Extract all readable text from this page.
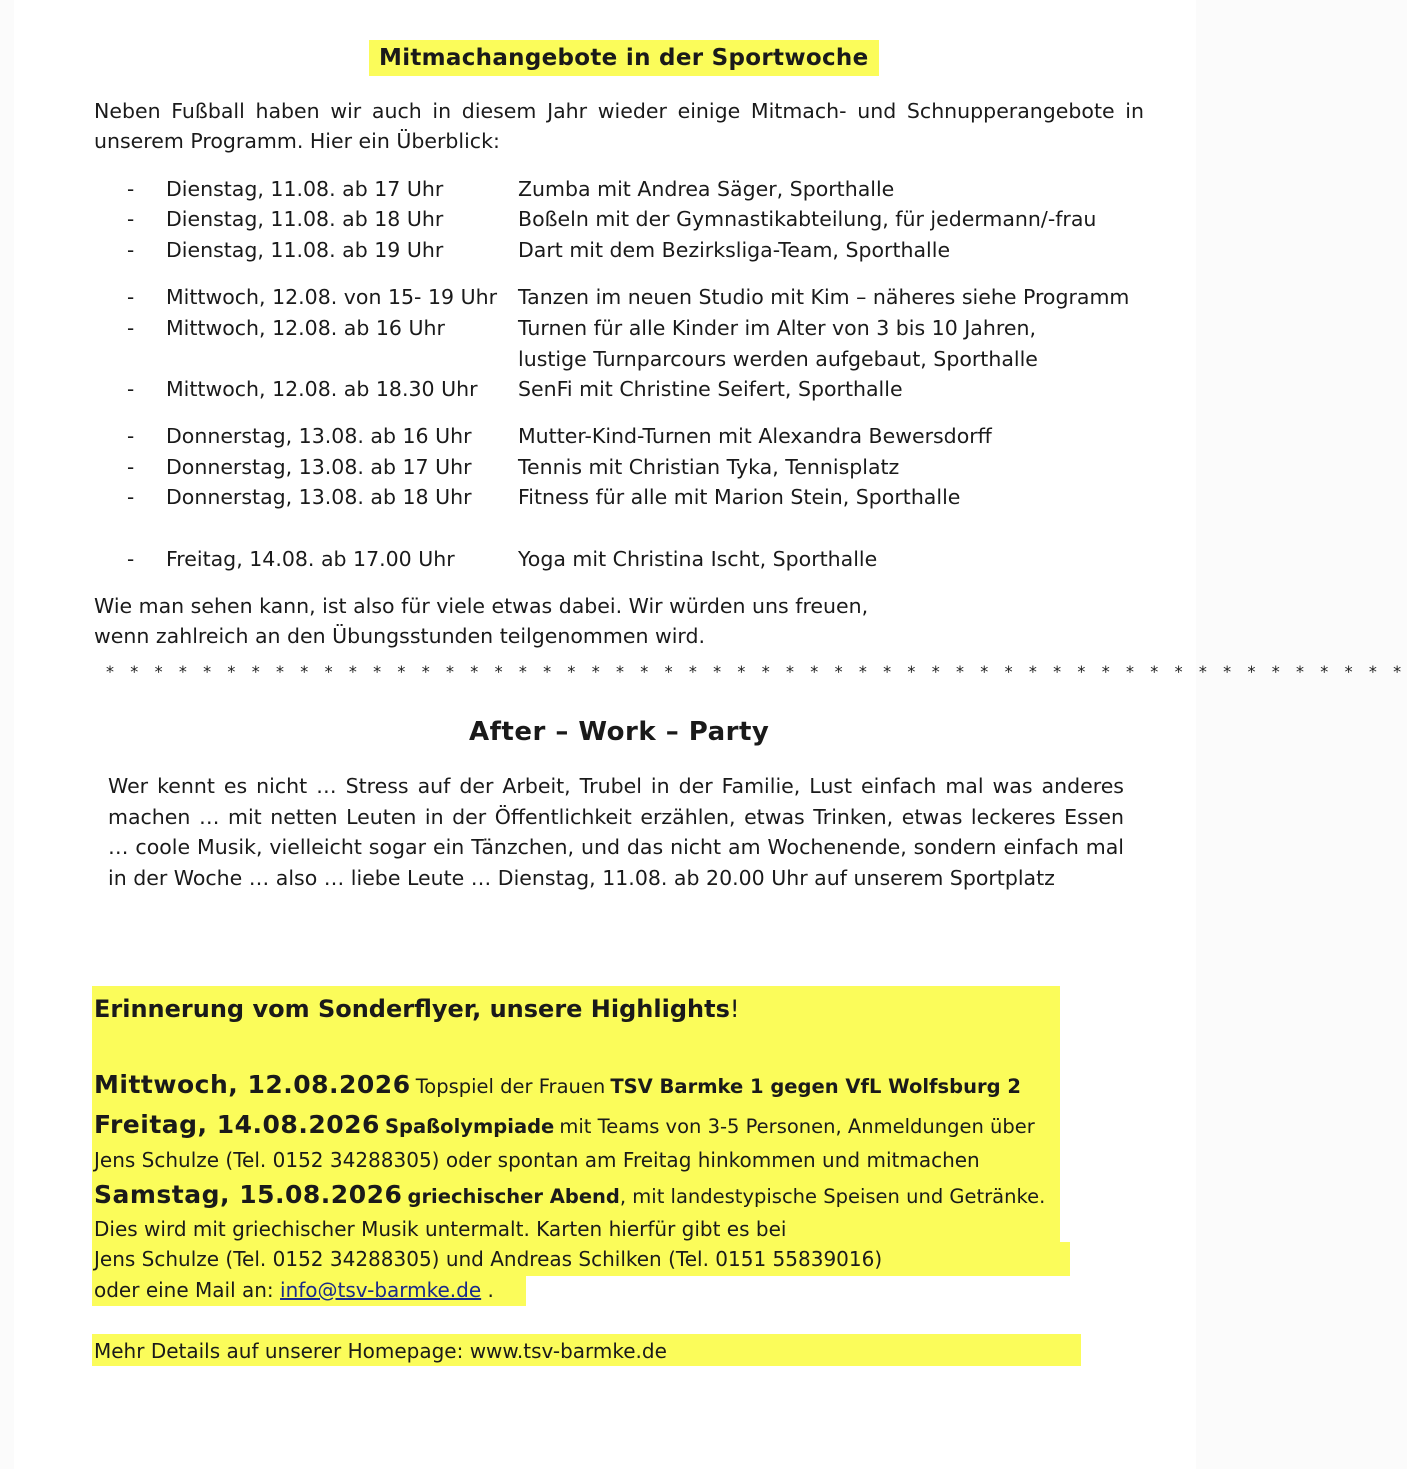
Mitmachangebote in der Sportwoche
Neben Fußball haben wir auch in diesem Jahr wieder einige Mitmach- und Schnupperangebote in unserem Programm. Hier ein Überblick:
- Dienstag, 11.08. ab 17 Uhr	Zumba mit Andrea Säger, Sporthalle
- Dienstag, 11.08. ab 18 Uhr	Boßeln mit der Gymnastikabteilung, für jedermann/-frau
- Dienstag, 11.08. ab 19 Uhr	Dart mit dem Bezirksliga-Team, Sporthalle
- Mittwoch, 12.08. von 15- 19 Uhr Tanzen im neuen Studio mit Kim – näheres siehe Programm
- Mittwoch, 12.08. ab 16 Uhr	Turnen für alle Kinder im Alter von 3 bis 10 Jahren,
lustige Turnparcours werden aufgebaut, Sporthalle
- Mittwoch, 12.08. ab 18.30 Uhr SenFi mit Christine Seifert, Sporthalle
- Donnerstag, 13.08. ab 16 Uhr Mutter-Kind-Turnen mit Alexandra Bewersdorff
- Donnerstag, 13.08. ab 17 Uhr Tennis mit Christian Tyka, Tennisplatz
- Donnerstag, 13.08. ab 18 Uhr Fitness für alle mit Marion Stein, Sporthalle
- Freitag, 14.08. ab 17.00 Uhr	Yoga mit Christina Ischt, Sporthalle
Wie man sehen kann, ist also für viele etwas dabei. Wir würden uns freuen,
wenn zahlreich an den Übungsstunden teilgenommen wird.
* * * * * * * * * * * * * * * * * * * * * * * * * * * * * * * * * * * * * * * * * * * * * * * * * * * * * *
After – Work – Party
Wer kennt es nicht … Stress auf der Arbeit, Trubel in der Familie, Lust einfach mal was anderes machen … mit netten Leuten in der Öffentlichkeit erzählen, etwas Trinken, etwas leckeres Essen … coole Musik, vielleicht sogar ein Tänzchen, und das nicht am Wochenende, sondern einfach mal in der Woche … also … liebe Leute … Dienstag, 11.08. ab 20.00 Uhr auf unserem Sportplatz
Erinnerung vom Sonderflyer, unsere Highlights!
Mittwoch, 12.08.2026 Topspiel der Frauen TSV Barmke 1 gegen VfL Wolfsburg 2
Freitag, 14.08.2026 Spaßolympiade mit Teams von 3-5 Personen, Anmeldungen über
Jens Schulze (Tel. 0152 34288305) oder spontan am Freitag hinkommen und mitmachen
Samstag, 15.08.2026 griechischer Abend, mit landestypische Speisen und Getränke.
Dies wird mit griechischer Musik untermalt. Karten hierfür gibt es bei
Jens Schulze (Tel. 0152 34288305) und Andreas Schilken (Tel. 0151 55839016)
oder eine Mail an: info@tsv-barmke.de .
Mehr Details auf unserer Homepage: www.tsv-barmke.de
